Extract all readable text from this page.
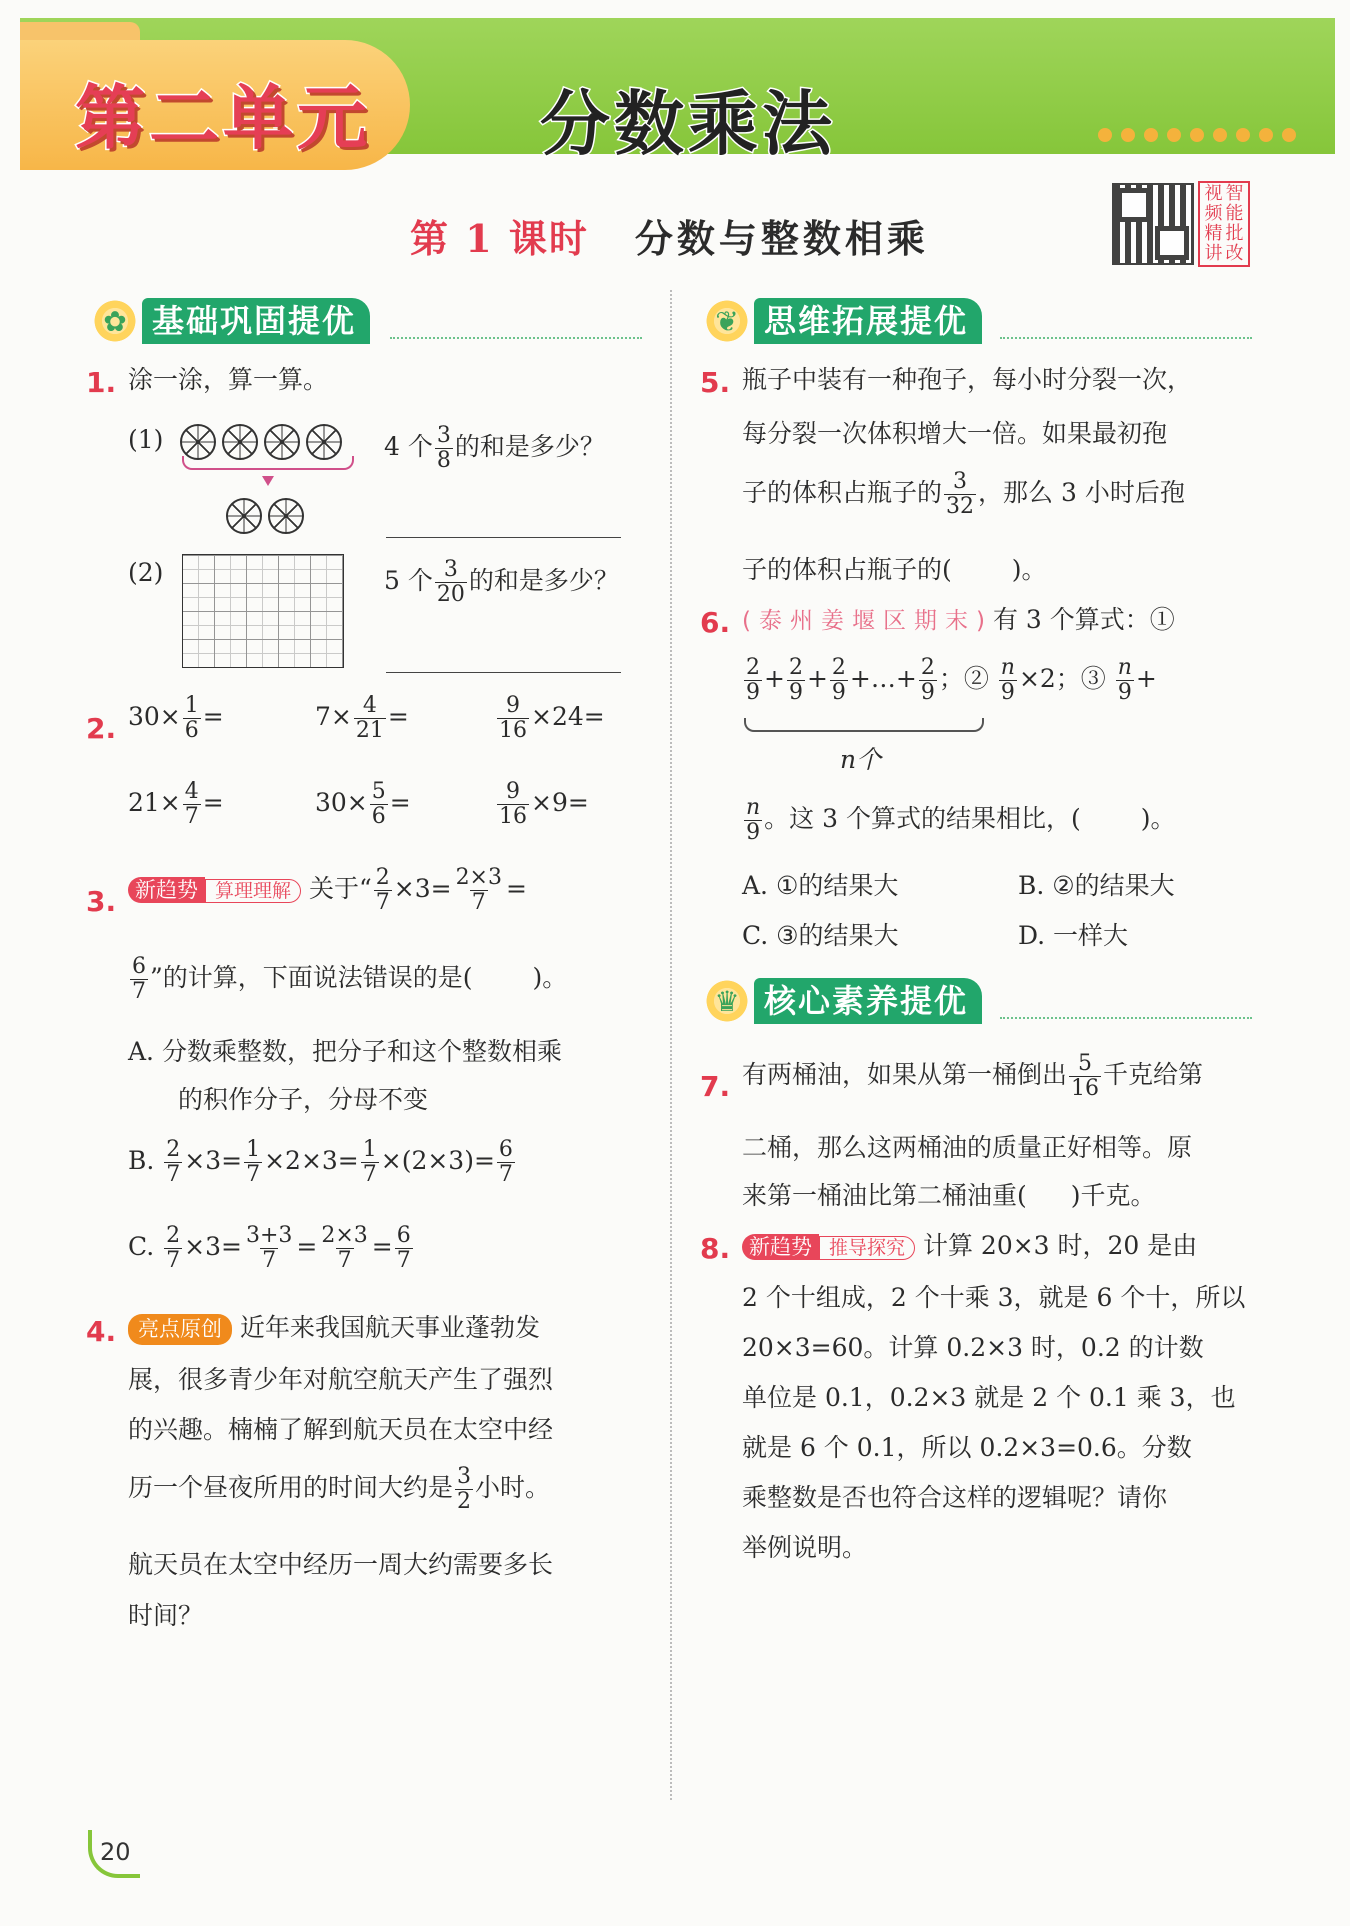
第二单元 分数乘法
第 1 课时 分数与整数相乘
视 智
频 能
精 批
讲 改
✿ 基础巩固提优
1. 涂一涂，算一算。
(1)	4 个 $\frac{3}{8}$ 的和是多少？
(2)	5 个 $\frac{3}{20}$ 的和是多少？
2. $30\times \frac{1}{6}$ =	$7\times \frac{4}{21}$ =	$\frac{9}{16} \times 24=$
$21\times \frac{4}{7}$ =	$30\times \frac{5}{6}$ =	$\frac{9}{16} \times 9=$
3. 新趋势 算理理解 关于“ $\frac{2}{7} \times 3= \frac{2\times 3}{7}$ =
$\frac{6}{7}$ ”的计算，下面说法错误的是( )。
A. 分数乘整数，把分子和这个整数相乘
的积作分子，分母不变
B. $\frac{2}{7} \times 3= \frac{1}{7} \times 2\times 3= \frac{1}{7} \times(2\times 3)= \frac{6}{7}$
C. $\frac{2}{7} \times 3= \frac{3+3}{7} = \frac{2\times 3}{7} = \frac{6}{7}$
4.	亮点原创 近年来我国航天事业蓬勃发
展，很多青少年对航空航天产生了强烈
的兴趣。楠楠了解到航天员在太空中经
历一个昼夜所用的时间大约是 $\frac{3}{2}$ 小时。
航天员在太空中经历一周大约需要多长
时间？
❦ 思维拓展提优
5. 瓶子中装有一种孢子，每小时分裂一次，
每分裂一次体积增大一倍。如果最初孢
子的体积占瓶子的 $\frac{3}{32}$ ，那么 3 小时后孢
子的体积占瓶子的( )。
6. (泰州姜堰区期末)有 3 个算式：①
$\frac{2}{9} + \frac{2}{9} + \frac{2}{9}$ +…+ $\frac{2}{9}$ ；② $\frac{n}{9} \times 2$；③ $\frac{n}{9}$ +
n个
$\frac{n}{9}$ 。这 3 个算式的结果相比，( )。
A. ①的结果大	B. ②的结果大
C. ③的结果大	D. 一样大
♛ 核心素养提优
7. 有两桶油，如果从第一桶倒出 $\frac{5}{16}$ 千克给第
二桶，那么这两桶油的质量正好相等。原
来第一桶油比第二桶油重( )千克。
8. 新趋势 推导探究 计算 20×3 时，20 是由
2 个十组成，2 个十乘 3，就是 6 个十，所以
20×3=60。计算 0.2×3 时，0.2 的计数
单位是 0.1，0.2×3 就是 2 个 0.1 乘 3，也
就是 6 个 0.1，所以 0.2×3=0.6。分数
乘整数是否也符合这样的逻辑呢？请你
举例说明。
20
